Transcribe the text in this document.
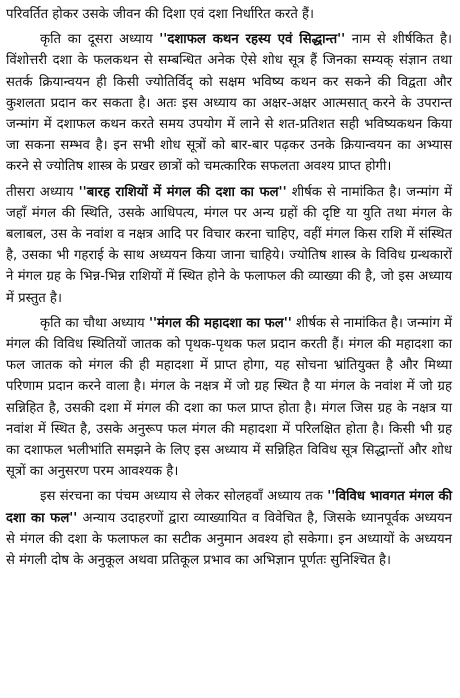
परिवर्तित होकर उसके जीवन की दिशा एवं दशा निर्धारित करते हैं।

कृति का दूसरा अध्याय ''दशाफल कथन रहस्य एवं सिद्धान्त'' नाम से शीर्षकित है। विंशोत्तरी दशा के फलकथन से सम्बन्धित अनेक ऐसे शोध सूत्र हैं जिनका सम्यक् संज्ञान तथा सतर्क क्रियान्वयन ही किसी ज्योतिर्विद् को सक्षम भविष्य कथन कर सकने की विद्वता और कुशलता प्रदान कर सकता है। अतः इस अध्याय का अक्षर-अक्षर आत्मसात् करने के उपरान्त जन्मांग में दशाफल कथन करते समय उपयोग में लाने से शत-प्रतिशत सही भविष्यकथन किया जा सकना सम्भव है। इन सभी शोध सूत्रों को बार-बार पढ़कर उनके क्रियान्वयन का अभ्यास करने से ज्योतिष शास्त्र के प्रखर छात्रों को चमत्कारिक सफलता अवश्य प्राप्त होगी।

तीसरा अध्याय ''बारह राशियों में मंगल की दशा का फल'' शीर्षक से नामांकित है। जन्मांग में जहाँ मंगल की स्थिति, उसके आधिपत्य, मंगल पर अन्य ग्रहों की दृष्टि या युति तथा मंगल के बलाबल, उस के नवांश व नक्षत्र आदि पर विचार करना चाहिए, वहीं मंगल किस राशि में संस्थित है, उसका भी गहराई के साथ अध्ययन किया जाना चाहिये। ज्योतिष शास्त्र के विविध ग्रन्थकारों ने मंगल ग्रह के भिन्न-भिन्न राशियों में स्थित होने के फलाफल की व्याख्या की है, जो इस अध्याय में प्रस्तुत है।

कृति का चौथा अध्याय ''मंगल की महादशा का फल'' शीर्षक से नामांकित है। जन्मांग में मंगल की विविध स्थितियों जातक को पृथक-पृथक फल प्रदान करती हैं। मंगल की महादशा का फल जातक को मंगल की ही महादशा में प्राप्त होगा, यह सोचना भ्रांतियुक्त है और मिथ्या परिणाम प्रदान करने वाला है। मंगल के नक्षत्र में जो ग्रह स्थित है या मंगल के नवांश में जो ग्रह सन्निहित है, उसकी दशा में मंगल की दशा का फल प्राप्त होता है। मंगल जिस ग्रह के नक्षत्र या नवांश में स्थित है, उसके अनुरूप फल मंगल की महादशा में परिलक्षित होता है। किसी भी ग्रह का दशाफल भलीभांति समझने के लिए इस अध्याय में सन्निहित विविध सूत्र सिद्धान्तों और शोध सूत्रों का अनुसरण परम आवश्यक है।

इस संरचना का पंचम अध्याय से लेकर सोलहवाँ अध्याय तक ''विविध भावगत मंगल की दशा का फल'' अन्याय उदाहरणों द्वारा व्याख्यायित व विवेचित है, जिसके ध्यानपूर्वक अध्ययन से मंगल की दशा के फलाफल का सटीक अनुमान अवश्य हो सकेगा। इन अध्यायों के अध्ययन से मंगली दोष के अनुकूल अथवा प्रतिकूल प्रभाव का अभिज्ञान पूर्णतः सुनिश्चित है।
